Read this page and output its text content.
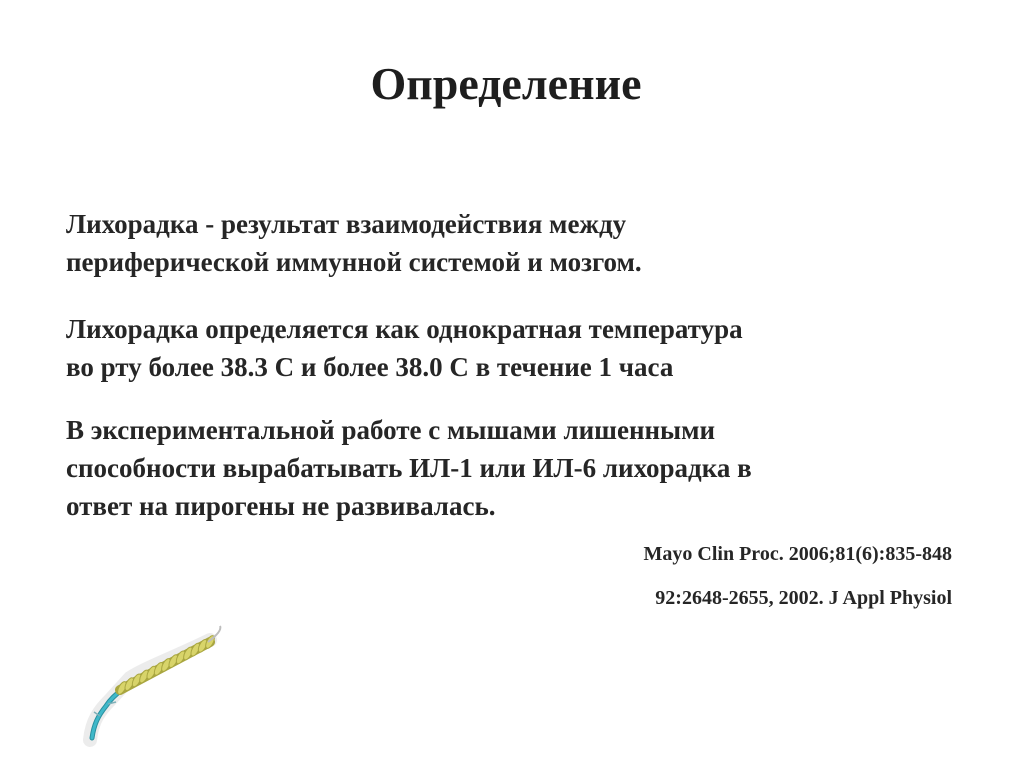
Определение
Лихорадка - результат взаимодействия между
периферической иммунной системой и мозгом.
Лихорадка определяется как однократная температура
во рту более 38.3 С и более 38.0 С в течение 1 часа
В экспериментальной работе с мышами лишенными
способности вырабатывать ИЛ-1 или ИЛ-6 лихорадка в
ответ на пирогены не развивалась.
Mayo Clin Proc. 2006;81(6):835-848
92:2648-2655, 2002. J Appl Physiol
